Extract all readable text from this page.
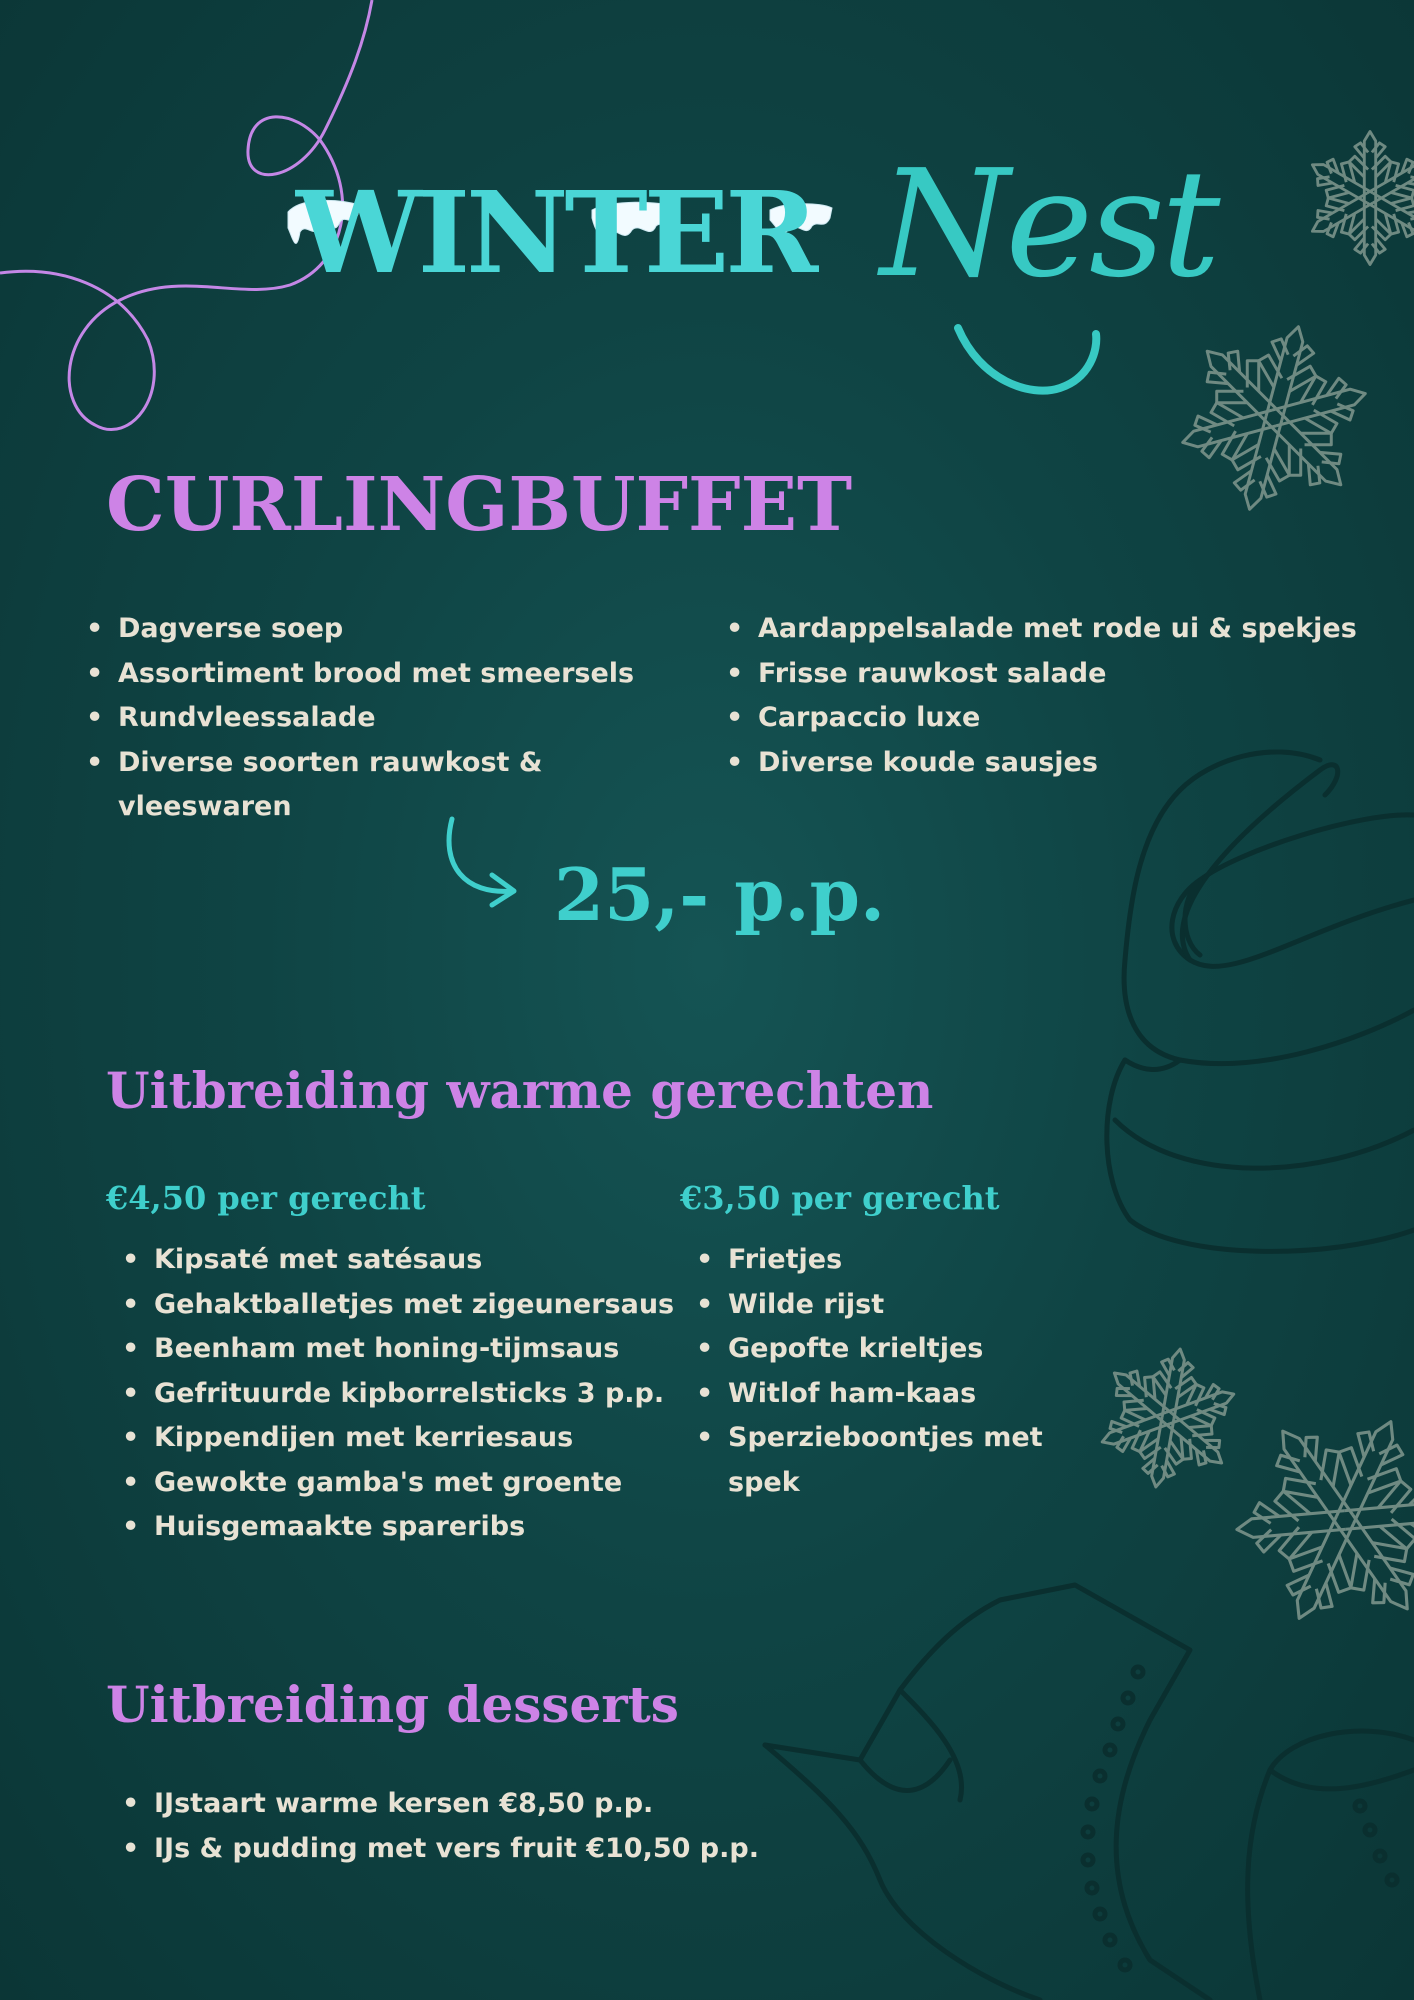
WINTER Nest
CURLINGBUFFET
• Dagverse soep
• Assortiment brood met smeersels
• Rundvleessalade
• Diverse soorten rauwkost & vleeswaren
• Aardappelsalade met rode ui & spekjes
• Frisse rauwkost salade
• Carpaccio luxe
• Diverse koude sausjes
25,- p.p.
Uitbreiding warme gerechten
€4,50 per gerecht	€3,50 per gerecht
• Kipsaté met satésaus
• Gehaktballetjes met zigeunersaus
• Beenham met honing-tijmsaus
• Gefrituurde kipborrelsticks 3 p.p.
• Kippendijen met kerriesaus
• Gewokte gamba's met groente
• Huisgemaakte spareribs
• Frietjes
• Wilde rijst
• Gepofte krieltjes
• Witlof ham-kaas
• Sperzieboontjes met spek
Uitbreiding desserts
• IJstaart warme kersen €8,50 p.p.
• IJs & pudding met vers fruit €10,50 p.p.
